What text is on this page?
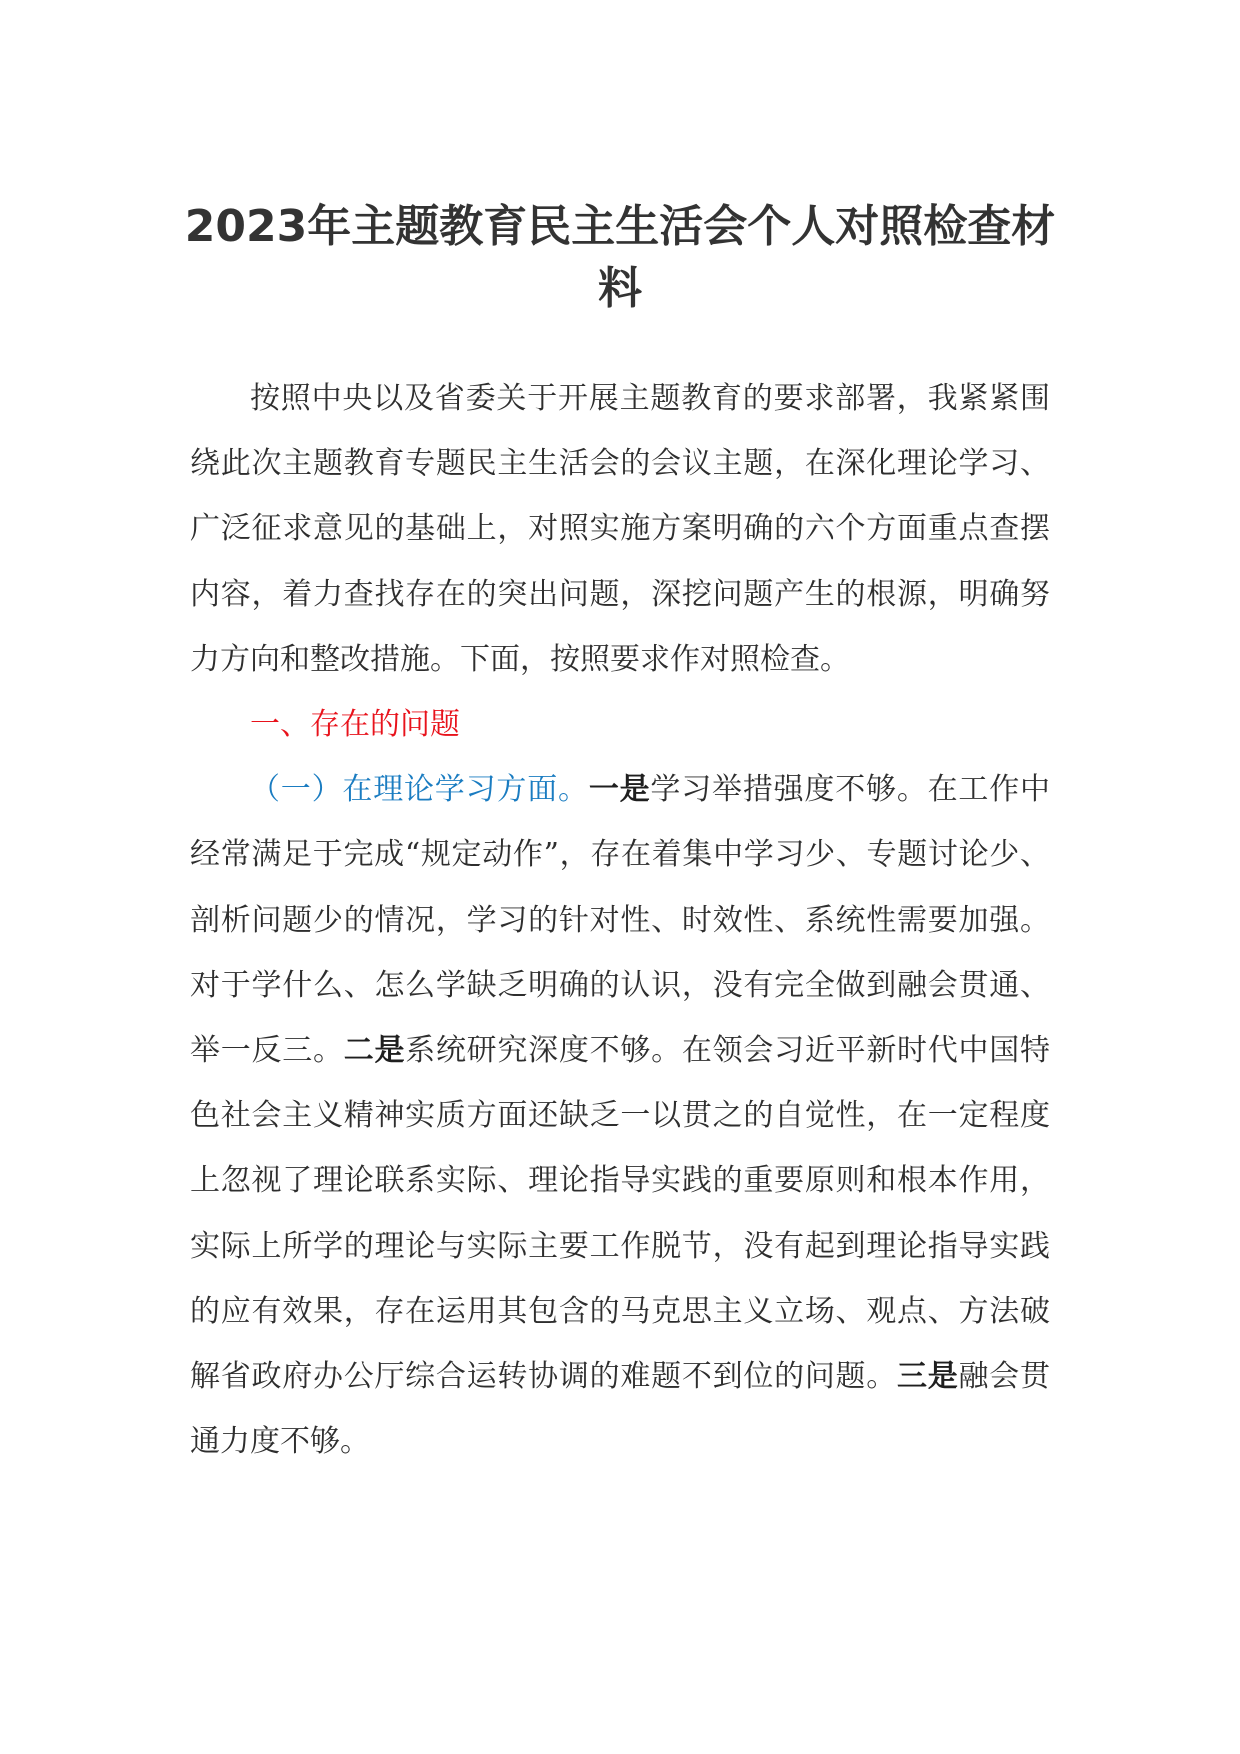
2023年主题教育民主生活会个人对照检查材料

按照中央以及省委关于开展主题教育的要求部署，我紧紧围绕此次主题教育专题民主生活会的会议主题，在深化理论学习、广泛征求意见的基础上，对照实施方案明确的六个方面重点查摆内容，着力查找存在的突出问题，深挖问题产生的根源，明确努力方向和整改措施。下面，按照要求作对照检查。

一、存在的问题

（一）在理论学习方面。一是学习举措强度不够。在工作中经常满足于完成“规定动作”，存在着集中学习少、专题讨论少、剖析问题少的情况，学习的针对性、时效性、系统性需要加强。对于学什么、怎么学缺乏明确的认识，没有完全做到融会贯通、举一反三。二是系统研究深度不够。在领会习近平新时代中国特色社会主义精神实质方面还缺乏一以贯之的自觉性，在一定程度上忽视了理论联系实际、理论指导实践的重要原则和根本作用，实际上所学的理论与实际主要工作脱节，没有起到理论指导实践的应有效果，存在运用其包含的马克思主义立场、观点、方法破解省政府办公厅综合运转协调的难题不到位的问题。三是融会贯通力度不够。
